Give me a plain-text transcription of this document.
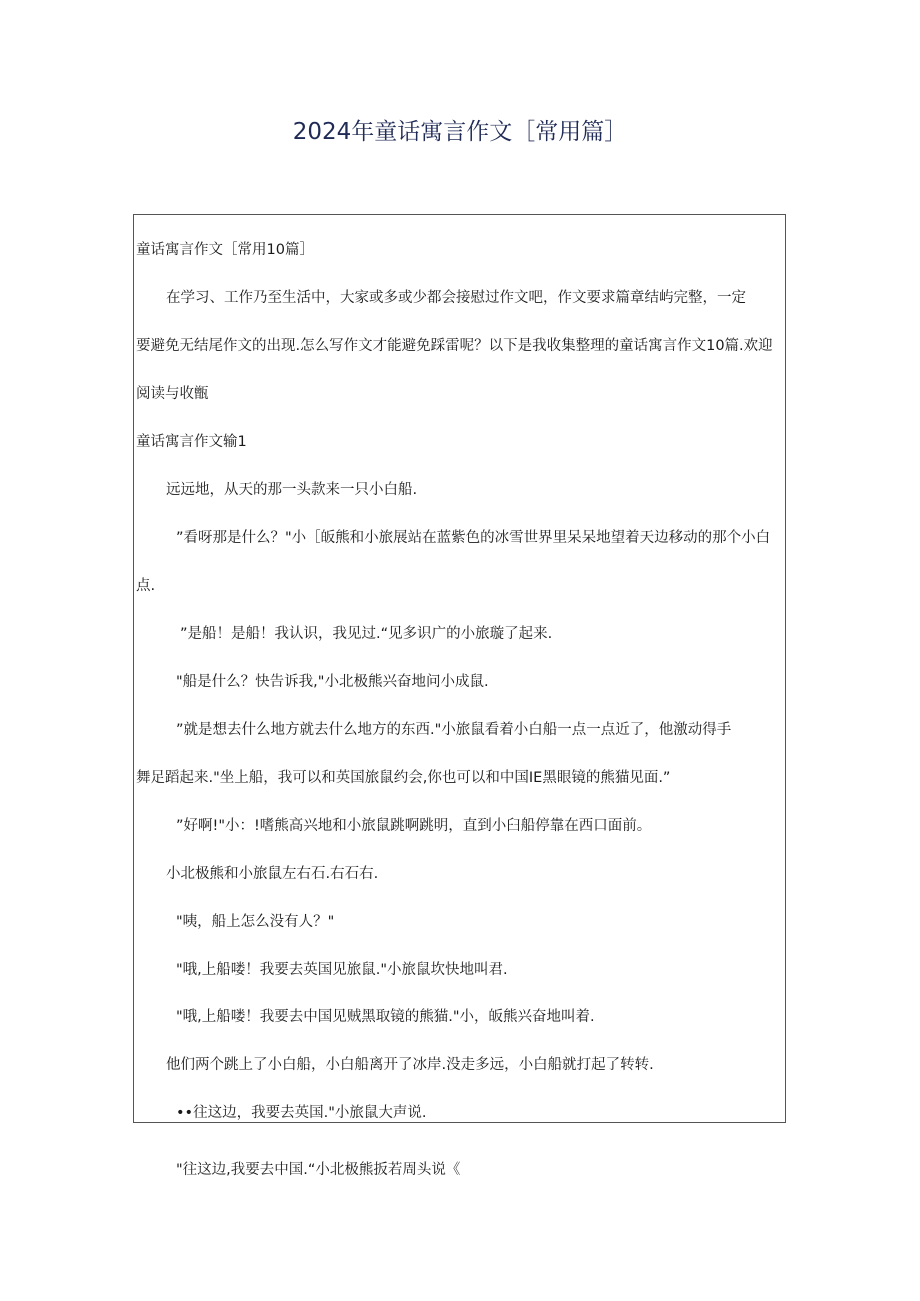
2024年童话寓言作文［常用篇］
童话寓言作文［常用10篇］
在学习、工作乃至生活中，大家或多或少都会接慰过作文吧，作文要求篇章结屿完整，一定
要避免无结尾作文的出现.怎么写作文才能避免踩雷呢？以下是我收集整理的童话寓言作文10篇.欢迎
阅读与收甑
童话寓言作文输1
远远地，从天的那一头款来一只小白船.
”看呀那是什么？"小［皈熊和小旅展站在蓝紫色的冰雪世界里呆呆地望着天边移动的那个小白
点.
”是船！是船！我认识，我见过.“见多识广的小旅璇了起来.
"船是什么？快告诉我,"小北极熊兴奋地问小成鼠.
”就是想去什么地方就去什么地方的东西."小旅鼠看着小白船一点一点近了，他激动得手
舞足蹈起来."坐上船，我可以和英国旅鼠约会,你也可以和中国IE黑眼镜的熊猫见面.”
”好啊!"小：!嗜熊高兴地和小旅鼠跳啊跳明，直到小臼船停靠在西口面前。
小北极熊和小旅鼠左右石.右石右.
"咦，船上怎么没有人？"
"哦,上船喽！我要去英国见旅鼠."小旅鼠坎快地叫君.
"哦,上船喽！我要去中国见贼黑取镜的熊猫."小，皈熊兴奋地叫着.
他们两个跳上了小白船，小白船离开了冰岸.没走多远，小白船就打起了转转.
••往这边，我要去英国."小旅鼠大声说.
"往这边,我要去中国.“小北极熊扳若周头说《
